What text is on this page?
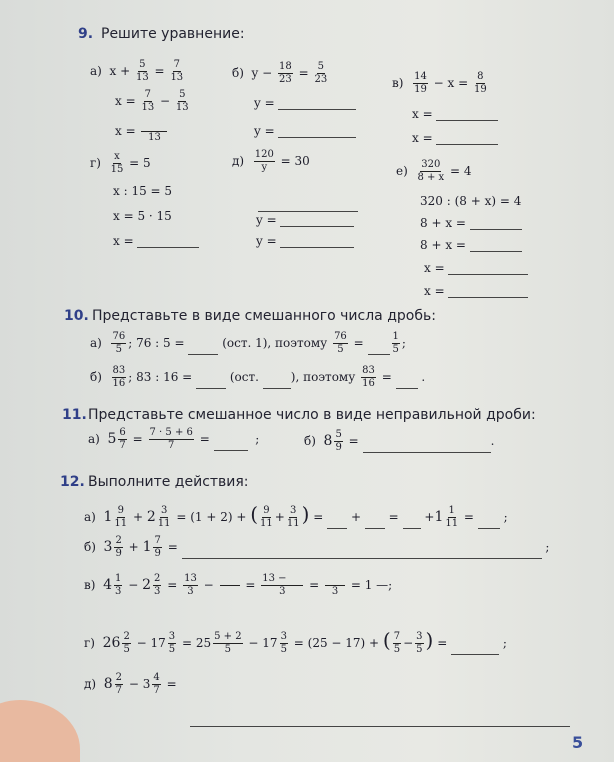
9. Решите уравнение:
а) $x + \frac{5}{13} = \frac{7}{13}$
$x = \frac{7}{13} - \frac{5}{13}$
x =
13
б) $y - \frac{18}{23} = \frac{5}{23}$
y =
y =
$в) \frac{14}{19} - x = \frac{8}{19}$
x =
x =
$г) \frac{x}{15} = 5$
x : 15 = 5
x = 5 · 15
x =
$д) \frac{120}{y} = 30$
y =
y =
$е) \frac{320}{8 + x} = 4$
320 : (8 + x) = 4
8 + x =
8 + x =
x =
x =
10. Представьте в виде смешанного числа дробь:
$а) \frac{76}{5}$ ; 76 : 5 =	(ост. 1), поэтому $\frac{76}{5}$ =	$\frac{1}{5}$ ;
$б) \frac{83}{16}$ ; 83 : 16 =	(ост.	), поэтому $\frac{83}{16}$ = .
11. Представьте смешанное число в виде неправильной дроби:
а) $5 \frac{6}{7} = \frac{7 \cdot 5 + 6}{7}$ =	;	б) $8 \frac{5}{9}$ =	.
12. Выполните действия:
а) $1 \frac{9}{11} + 2 \frac{3}{11} = (1 + 2)$ + ( $\frac{9}{11} + \frac{3}{11}$ ) = + = $+1 \frac{1}{11}$ = ;
б) $3 \frac{2}{9} + 1 \frac{7}{9}$ =	;
в) $4 \frac{1}{3} - 2 \frac{2}{3} = \frac{13}{3}$ −

	= $\frac{13 -}{3}$ =
3 = 1 —;
г) $26 \frac{2}{5} - 17 \frac{3}{5} = 25 \frac{5 + 2}{5} - 17 \frac{3}{5} = (25 - 17)$ + ( $\frac{7}{5} - \frac{3}{5}$ ) =	;
д) $8 \frac{2}{7} - 3 \frac{4}{7}$ =
5
